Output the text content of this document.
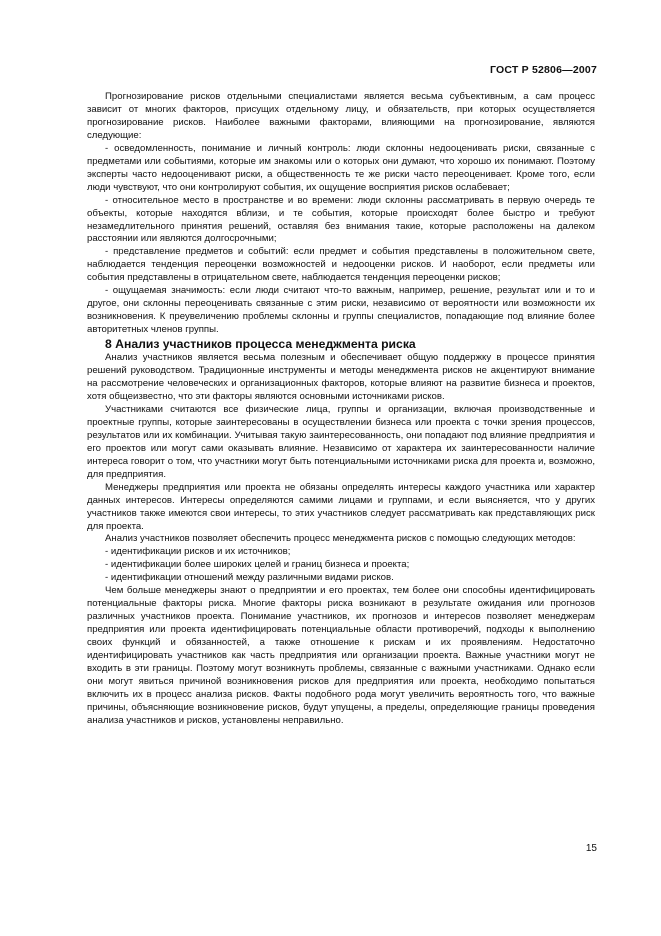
ГОСТ Р 52806—2007

Прогнозирование рисков отдельными специалистами является весьма субъективным, а сам процесс зависит от многих факторов, присущих отдельному лицу, и обязательств, при которых осуществляется прогнозирование рисков. Наиболее важными факторами, влияющими на прогнозирование, являются следующие:

- осведомленность, понимание и личный контроль: люди склонны недооценивать риски, связанные с предметами или событиями, которые им знакомы или о которых они думают, что хорошо их понимают. Поэтому эксперты часто недооценивают риски, а общественность те же риски часто переоценивает. Кроме того, если люди чувствуют, что они контролируют события, их ощущение восприятия рисков ослабевает;

- относительное место в пространстве и во времени: люди склонны рассматривать в первую очередь те объекты, которые находятся вблизи, и те события, которые происходят более быстро и требуют незамедлительного принятия решений, оставляя без внимания такие, которые расположены на далеком расстоянии или являются долгосрочными;

- представление предметов и событий: если предмет и события представлены в положительном свете, наблюдается тенденция переоценки возможностей и недооценки рисков. И наоборот, если предметы или события представлены в отрицательном свете, наблюдается тенденция переоценки рисков;

- ощущаемая значимость: если люди считают что-то важным, например, решение, результат или и то и другое, они склонны переоценивать связанные с этим риски, независимо от вероятности или возможности их возникновения. К преувеличению проблемы склонны и группы специалистов, попадающие под влияние более авторитетных членов группы.

8 Анализ участников процесса менеджмента риска

Анализ участников является весьма полезным и обеспечивает общую поддержку в процессе принятия решений руководством. Традиционные инструменты и методы менеджмента рисков не акцентируют внимание на рассмотрение человеческих и организационных факторов, которые влияют на развитие бизнеса и проектов, хотя общеизвестно, что эти факторы являются основными источниками рисков.

Участниками считаются все физические лица, группы и организации, включая производственные и проектные группы, которые заинтересованы в осуществлении бизнеса или проекта с точки зрения процессов, результатов или их комбинации. Учитывая такую заинтересованность, они попадают под влияние предприятия и его проектов или могут сами оказывать влияние. Независимо от характера их заинтересованности наличие интереса говорит о том, что участники могут быть потенциальными источниками риска для проекта и, возможно, для предприятия.

Менеджеры предприятия или проекта не обязаны определять интересы каждого участника или характер данных интересов. Интересы определяются самими лицами и группами, и если выясняется, что у других участников также имеются свои интересы, то этих участников следует рассматривать как представляющих риск для проекта.

Анализ участников позволяет обеспечить процесс менеджмента рисков с помощью следующих методов:

- идентификации рисков и их источников;

- идентификации более широких целей и границ бизнеса и проекта;

- идентификации отношений между различными видами рисков.

Чем больше менеджеры знают о предприятии и его проектах, тем более они способны идентифицировать потенциальные факторы риска. Многие факторы риска возникают в результате ожидания или прогнозов различных участников проекта. Понимание участников, их прогнозов и интересов позволяет менеджерам предприятия или проекта идентифицировать потенциальные области противоречий, подходы к выполнению своих функций и обязанностей, а также отношение к рискам и их проявлениям. Недостаточно идентифицировать участников как часть предприятия или организации проекта. Важные участники могут не входить в эти границы. Поэтому могут возникнуть проблемы, связанные с важными участниками. Однако если они могут явиться причиной возникновения рисков для предприятия или проекта, необходимо попытаться включить их в процесс анализа рисков. Факты подобного рода могут увеличить вероятность того, что важные причины, объясняющие возникновение рисков, будут упущены, а пределы, определяющие границы проведения анализа участников и рисков, установлены неправильно.

15
